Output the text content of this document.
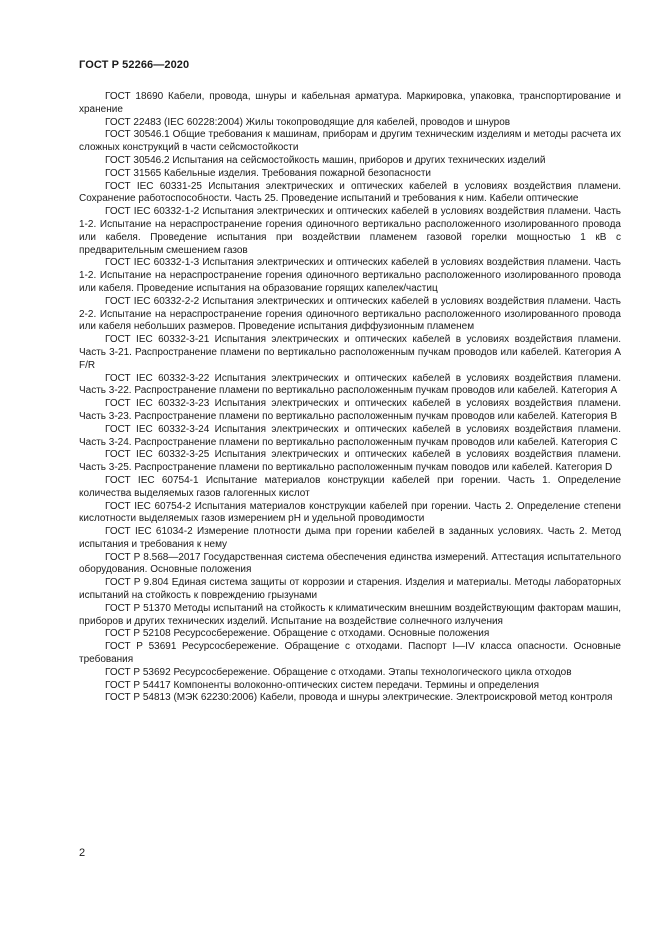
ГОСТ Р 52266—2020

ГОСТ 18690 Кабели, провода, шнуры и кабельная арматура. Маркировка, упаковка, транспортирование и хранение

ГОСТ 22483 (IEC 60228:2004) Жилы токопроводящие для кабелей, проводов и шнуров

ГОСТ 30546.1 Общие требования к машинам, приборам и другим техническим изделиям и методы расчета их сложных конструкций в части сейсмостойкости

ГОСТ 30546.2 Испытания на сейсмостойкость машин, приборов и других технических изделий

ГОСТ 31565 Кабельные изделия. Требования пожарной безопасности

ГОСТ IEC 60331-25 Испытания электрических и оптических кабелей в условиях воздействия пламени. Сохранение работоспособности. Часть 25. Проведение испытаний и требования к ним. Кабели оптические

ГОСТ IEC 60332-1-2 Испытания электрических и оптических кабелей в условиях воздействия пламени. Часть 1-2. Испытание на нераспространение горения одиночного вертикально расположенного изолированного провода или кабеля. Проведение испытания при воздействии пламенем газовой горелки мощностью 1 кВ с предварительным смешением газов

ГОСТ IEC 60332-1-3 Испытания электрических и оптических кабелей в условиях воздействия пламени. Часть 1-2. Испытание на нераспространение горения одиночного вертикально расположенного изолированного провода или кабеля. Проведение испытания на образование горящих капелек/частиц

ГОСТ IEC 60332-2-2 Испытания электрических и оптических кабелей в условиях воздействия пламени. Часть 2-2. Испытание на нераспространение горения одиночного вертикально расположенного изолированного провода или кабеля небольших размеров. Проведение испытания диффузионным пламенем

ГОСТ IEC 60332-3-21 Испытания электрических и оптических кабелей в условиях воздействия пламени. Часть 3-21. Распространение пламени по вертикально расположенным пучкам проводов или кабелей. Категория А F/R

ГОСТ IEC 60332-3-22 Испытания электрических и оптических кабелей в условиях воздействия пламени. Часть 3-22. Распространение пламени по вертикально расположенным пучкам проводов или кабелей. Категория А

ГОСТ IEC 60332-3-23 Испытания электрических и оптических кабелей в условиях воздействия пламени. Часть 3-23. Распространение пламени по вертикально расположенным пучкам проводов или кабелей. Категория В

ГОСТ IEC 60332-3-24 Испытания электрических и оптических кабелей в условиях воздействия пламени. Часть 3-24. Распространение пламени по вертикально расположенным пучкам проводов или кабелей. Категория С

ГОСТ IEC 60332-3-25 Испытания электрических и оптических кабелей в условиях воздействия пламени. Часть 3-25. Распространение пламени по вертикально расположенным пучкам поводов или кабелей. Категория D

ГОСТ IEC 60754-1 Испытание материалов конструкции кабелей при горении. Часть 1. Определение количества выделяемых газов галогенных кислот

ГОСТ IEC 60754-2 Испытания материалов конструкции кабелей при горении. Часть 2. Определение степени кислотности выделяемых газов измерением pH и удельной проводимости

ГОСТ IEC 61034-2 Измерение плотности дыма при горении кабелей в заданных условиях. Часть 2. Метод испытания и требования к нему

ГОСТ Р 8.568—2017 Государственная система обеспечения единства измерений. Аттестация испытательного оборудования. Основные положения

ГОСТ Р 9.804 Единая система защиты от коррозии и старения. Изделия и материалы. Методы лабораторных испытаний на стойкость к повреждению грызунами

ГОСТ Р 51370 Методы испытаний на стойкость к климатическим внешним воздействующим факторам машин, приборов и других технических изделий. Испытание на воздействие солнечного излучения

ГОСТ Р 52108 Ресурсосбережение. Обращение с отходами. Основные положения

ГОСТ Р 53691 Ресурсосбережение. Обращение с отходами. Паспорт I—IV класса опасности. Основные требования

ГОСТ Р 53692 Ресурсосбережение. Обращение с отходами. Этапы технологического цикла отходов

ГОСТ Р 54417 Компоненты волоконно-оптических систем передачи. Термины и определения

ГОСТ Р 54813 (МЭК 62230:2006) Кабели, провода и шнуры электрические. Электроискровой метод контроля

2
